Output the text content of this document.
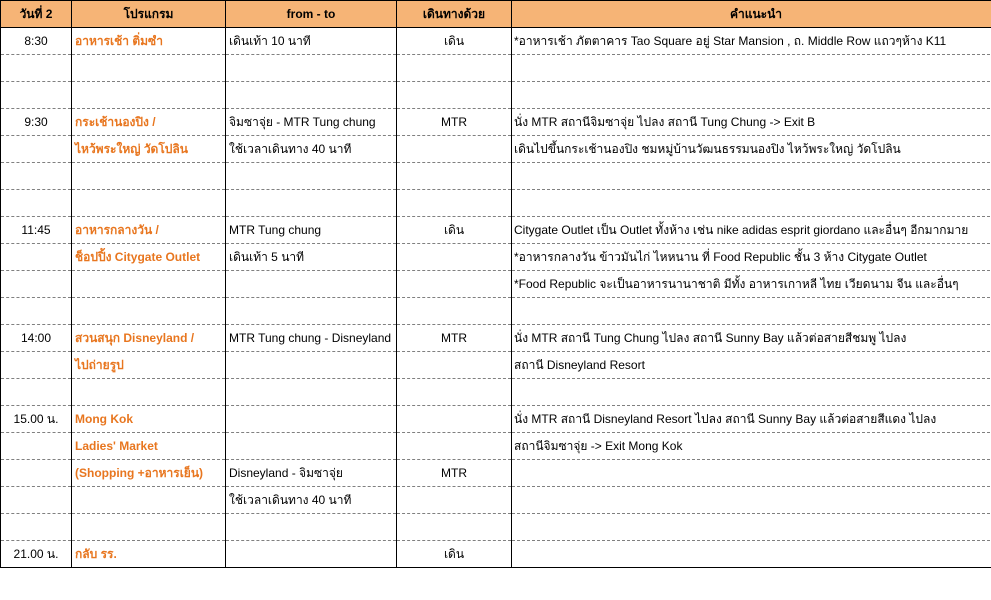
วันที่ 2	โปรแกรม	from - to	เดินทางด้วย	คำแนะนำ
8:30	อาหารเช้า ติ่มซำ	เดินเท้า 10 นาที	เดิน	*อาหารเช้า ภัตตาคาร Tao Square อยู่ Star Mansion , ถ. Middle Row แถวๆห้าง K11

9:30	กระเช้านองปิง /	จิมซาจุ่ย - MTR Tung chung	MTR	นั่ง MTR สถานีจิมซาจุ่ย ไปลง สถานี Tung Chung -> Exit B
	ไหว้พระใหญ่ วัดโปลิน	ใช้เวลาเดินทาง 40 นาที		เดินไปขึ้นกระเช้านองปิง ชมหมู่บ้านวัฒนธรรมนองปิง ไหว้พระใหญ่ วัดโปลิน

11:45	อาหารกลางวัน /	MTR Tung chung	เดิน	Citygate Outlet เป็น Outlet ทั้งห้าง เช่น nike adidas esprit giordano และอื่นๆ อีกมากมาย
	ช็อปปิ้ง Citygate Outlet	เดินเท้า 5 นาที		*อาหารกลางวัน ข้าวมันไก่ ไหหนาน ที่ Food Republic ชั้น 3 ห้าง Citygate Outlet
				*Food Republic จะเป็นอาหารนานาชาติ มีทั้ง อาหารเกาหลี ไทย เวียดนาม จีน และอื่นๆ

14:00	สวนสนุก Disneyland /	MTR Tung chung - Disneyland	MTR	นั่ง MTR สถานี Tung Chung ไปลง สถานี Sunny Bay แล้วต่อสายสีชมพู ไปลง
	ไปถ่ายรูป			สถานี Disneyland Resort

15.00 น.	Mong Kok			นั่ง MTR สถานี Disneyland Resort ไปลง สถานี Sunny Bay แล้วต่อสายสีแดง ไปลง
	Ladies' Market			สถานีจิมซาจุ่ย -> Exit Mong Kok
	(Shopping +อาหารเย็น)	Disneyland - จิมซาจุ่ย	MTR	
		ใช้เวลาเดินทาง 40 นาที		

21.00 น.	กลับ รร.		เดิน	
